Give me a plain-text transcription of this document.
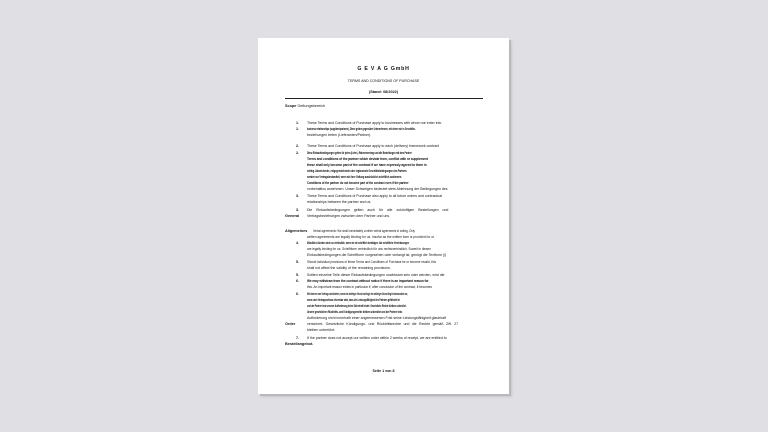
G E V A G GmbH
TERMS AND CONDITIONS OF PURCHASE
(Stand: 08/2022)
Scope Geltungsbereich
1. These Terms and Conditions of Purchase apply to businesses with whom we enter into
1. business relationships (suppliers/partners). Diese gelten gegenüber Unternehmern, mit denen wir in Geschäfts-
beziehungen treten (Lieferanten/Partner).
2. These Terms and Conditions of Purchase apply to each (delivery) framework contract
2. Diese Einkaufsbedingungen gelten für jeden (Liefer-) Rahmenvertrag und alle Bestellungen mit dem Partner
Terms and conditions of the partner which deviate from, conflict with or supplement
these shall only become part of the contract if we have expressly agreed to them in
writing. Abweichende, entgegenstehende oder ergänzende Geschäftsbedingungen des Partners
werden nur Vertragsbestandteil, wenn wir ihrer Geltung ausdrücklich schriftlich zustimmen.
Conditions of the partner do not become part of the contract even if the partner
vorbehaltlos annehmen. Unser Schweigen bedeutet stets Ablehnung der Bedingungen des
3. These Terms and Conditions of Purchase also apply to all future orders and contractual
relationships between the partner and us.
3. Die Einkaufsbedingungen gelten auch für alle zukünftigen Bestellungen und
General Vertragsbeziehungen zwischen dem Partner und uns.
Allgemeines Verbal agreements: We shall immediately confirm verbal agreements in writing. Only
written agreements are legally binding for us. Insofar as the written form is provided for or
4. Mündliche Abreden sind nur verbindlich, wenn wir sie schriftlich bestätigen. Nur schriftliche Vereinbarungen
are legally binding for us. Schriftform verbindlich für uns rechtsverbindlich. Soweit in diesen
Einkaufsbedingungen die Schriftform vorgesehen oder verlangt ist, genügt die Textform (§
5. Should individual provisions of these Terms and Conditions of Purchase be or become invalid, this
shall not affect the validity of the remaining provisions.
5. Sollten einzelne Teile dieser Einkaufsbedingungen unwirksam sein oder werden, wird die
6. We may withdraw from the contract without notice if there is an important reason for
this. An important reason exists in particular if, after conclusion of the contract, it becomes
6. Wir können vom Vertrag zurücktreten, wenn ein wichtiger Grund vorliegt; ein wichtiger Grund liegt insbesondere vor,
wenn nach Vertragsschluss erkennbar wird, dass die Leistungsfähigkeit des Partners gefährdet ist
und der Partner trotz unserer Aufforderung keine Sicherheit leistet. Gesetzliche Rechte bleiben unberührt.
Unsere gesetzlichen Rücktritts- und Kündigungsrechte bleiben unberührt und der Partner trotz
Aufforderung nicht innerhalb einer angemessenen Frist seine Leistungsfähigkeit glaubhaft
Order	versichert. Gesetzliche Kündigungs- und Rücktrittsrechte und die Rechte gemäß Ziff. 27
bleiben unberührt.
7. If the partner does not accept our written order within 2 weeks of receipt, we are entitled to
Bestellangebot.
Seite 1 von 8
